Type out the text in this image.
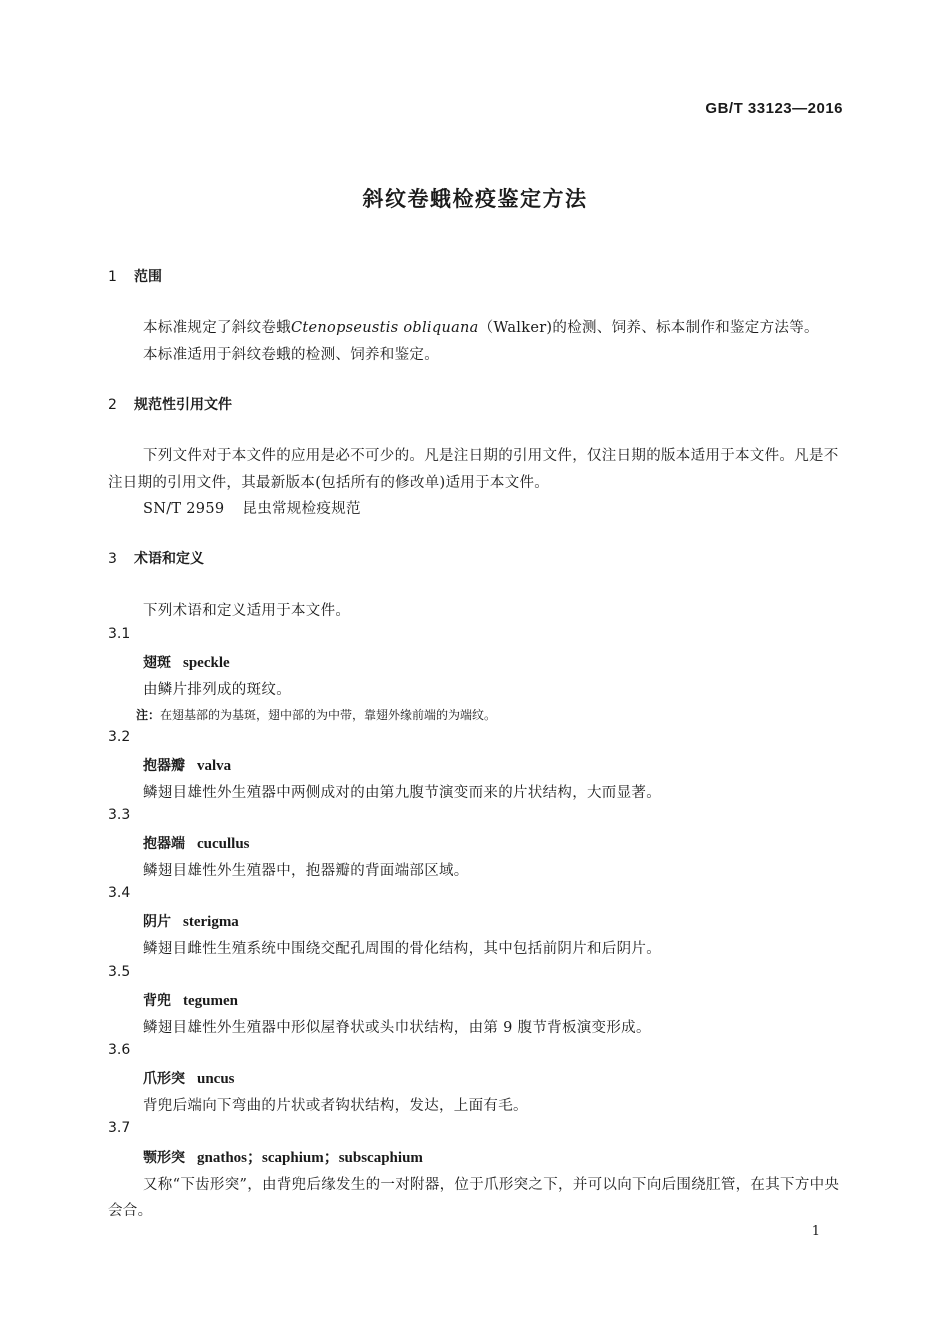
GB/T 33123—2016
斜纹卷蛾检疫鉴定方法
1 范围
本标准规定了斜纹卷蛾Ctenopseustis obliquana（Walker)的检测、饲养、标本制作和鉴定方法等。
本标准适用于斜纹卷蛾的检测、饲养和鉴定。
2 规范性引用文件
下列文件对于本文件的应用是必不可少的。凡是注日期的引用文件，仅注日期的版本适用于本文件。凡是不注日期的引用文件，其最新版本(包括所有的修改单)适用于本文件。
SN/T 2959 昆虫常规检疫规范
3 术语和定义
下列术语和定义适用于本文件。
3.1
翅斑 speckle
由鳞片排列成的斑纹。
注：在翅基部的为基斑，翅中部的为中带，靠翅外缘前端的为端纹。
3.2
抱器瓣 valva
鳞翅目雄性外生殖器中两侧成对的由第九腹节演变而来的片状结构，大而显著。
3.3
抱器端 cucullus
鳞翅目雄性外生殖器中，抱器瓣的背面端部区域。
3.4
阴片 sterigma
鳞翅目雌性生殖系统中围绕交配孔周围的骨化结构，其中包括前阴片和后阴片。
3.5
背兜 tegumen
鳞翅目雄性外生殖器中形似屋脊状或头巾状结构，由第 9 腹节背板演变形成。
3.6
爪形突 uncus
背兜后端向下弯曲的片状或者钩状结构，发达，上面有毛。
3.7
颚形突 gnathos；scaphium；subscaphium
又称“下齿形突”，由背兜后缘发生的一对附器，位于爪形突之下，并可以向下向后围绕肛管，在其下方中央会合。
1
